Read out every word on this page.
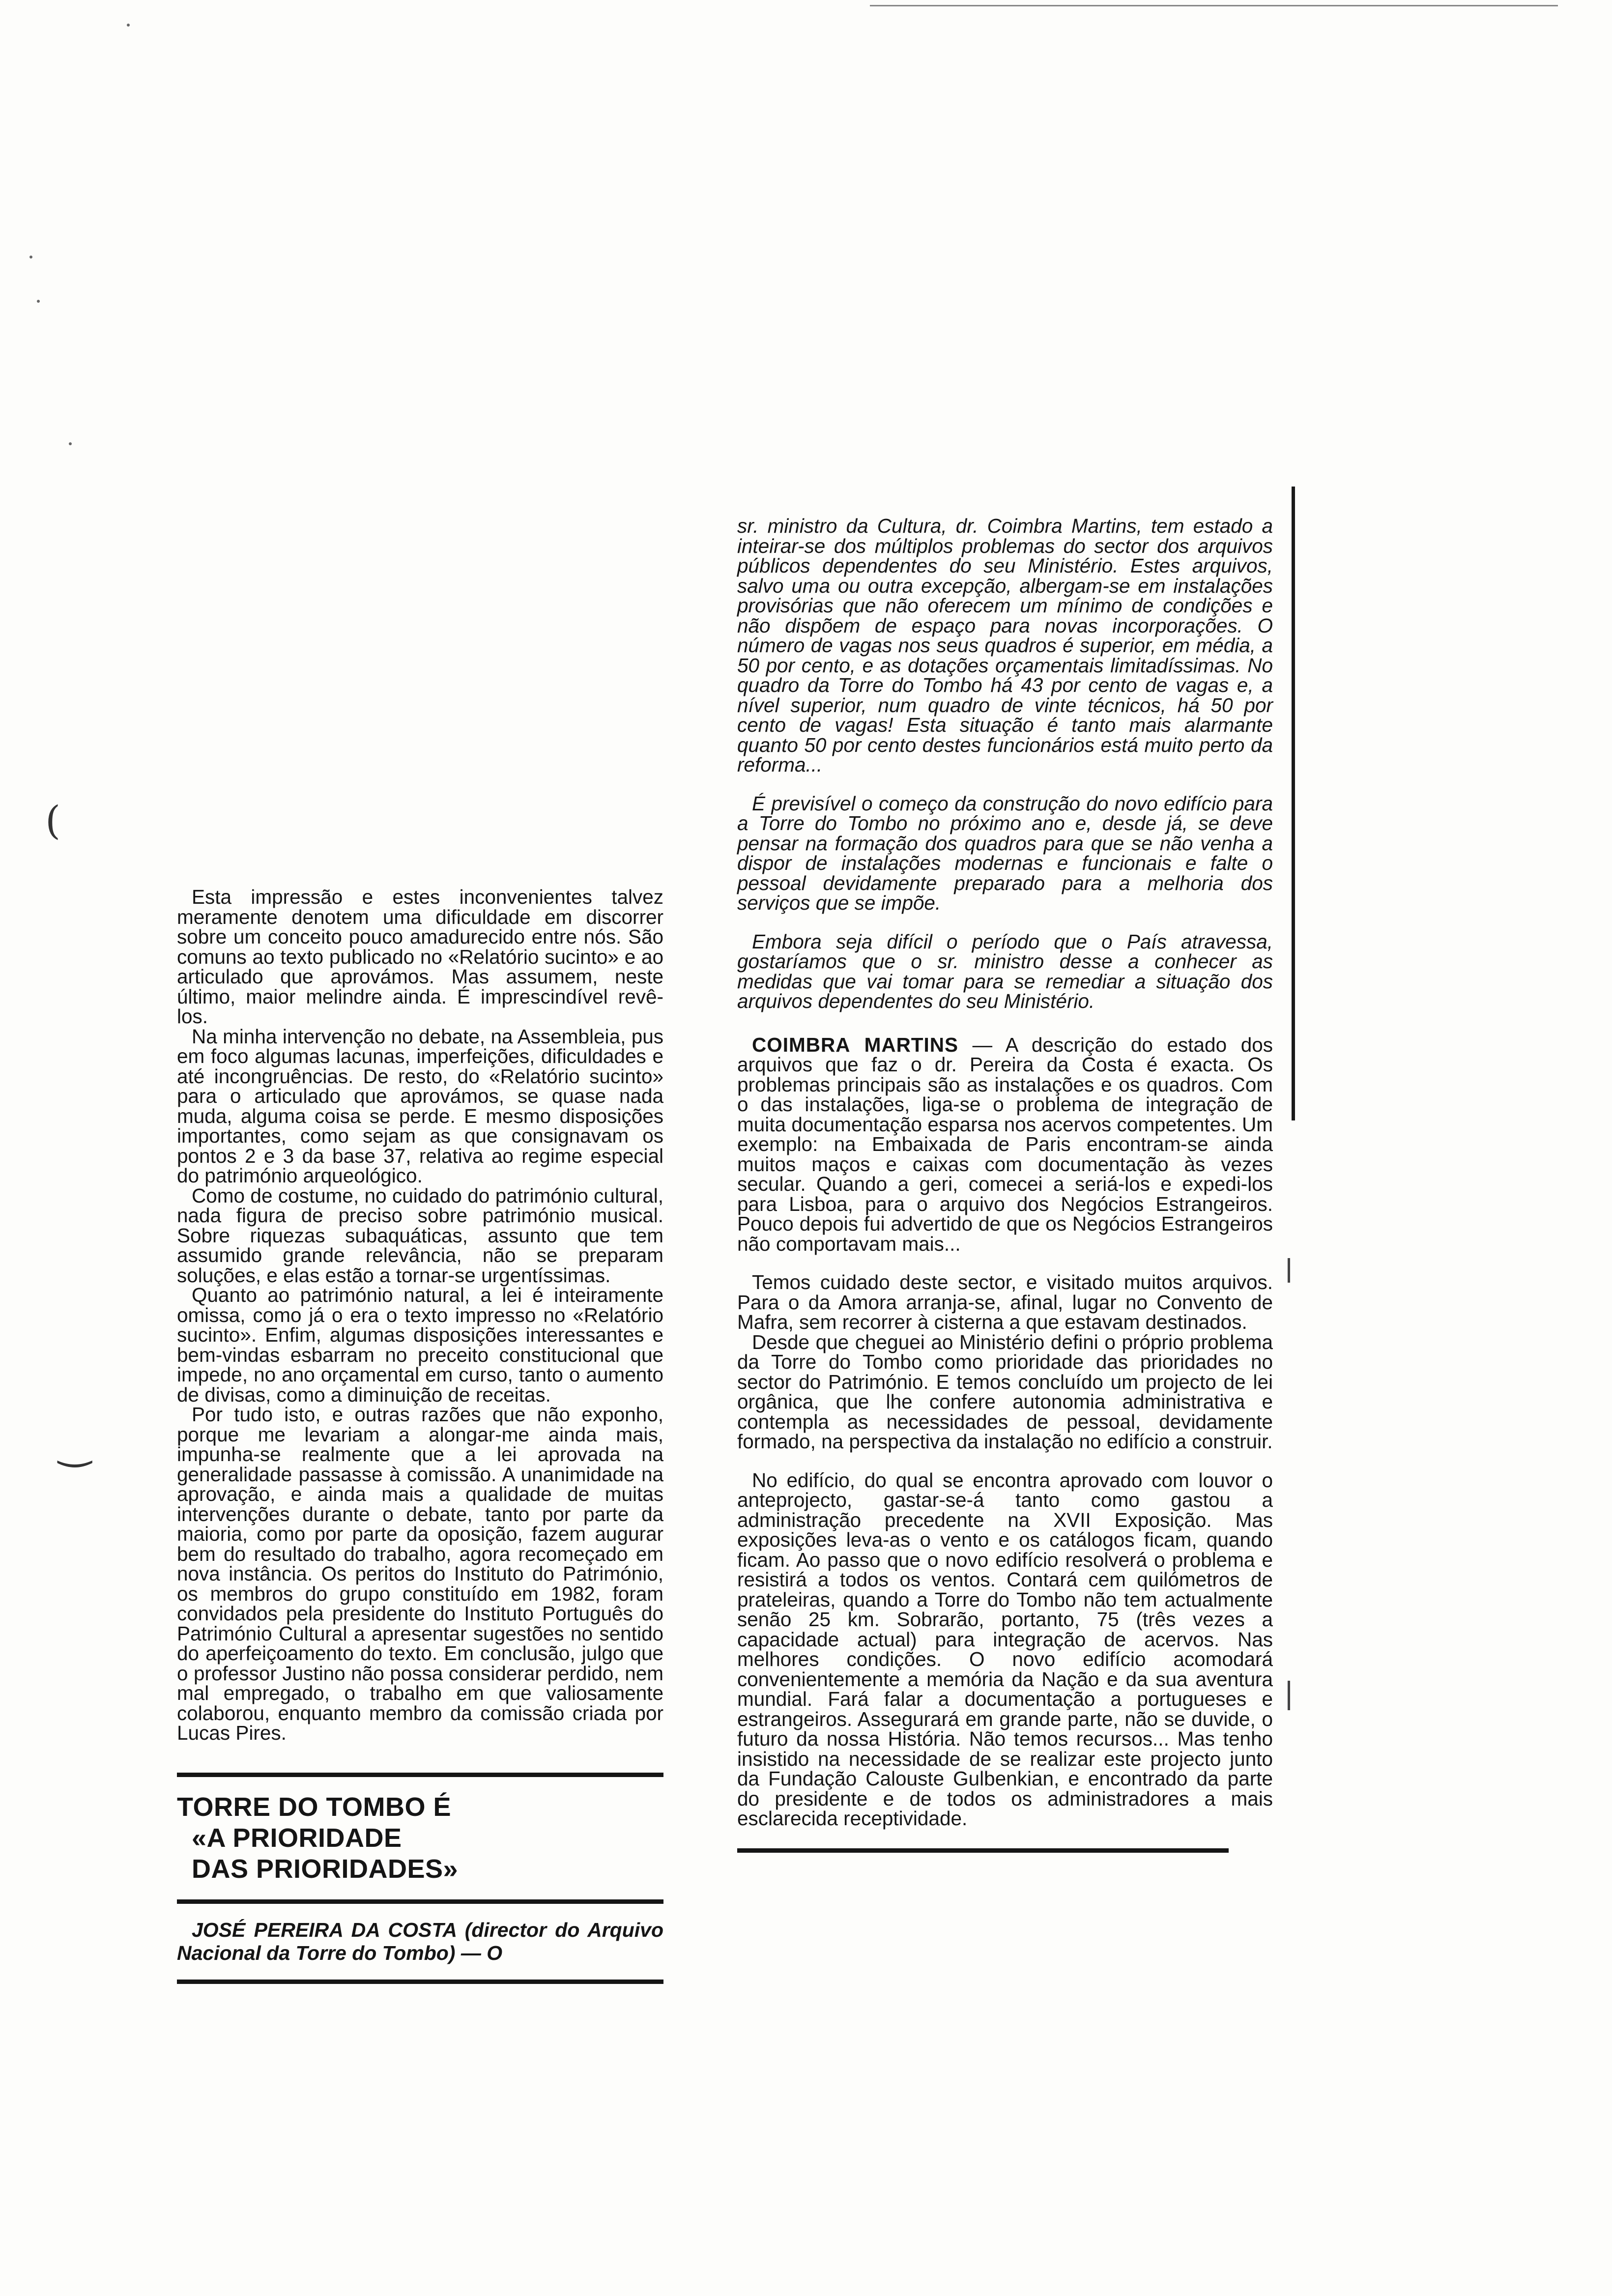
(
‿

Esta impressão e estes inconvenientes talvez meramente denotem uma dificuldade em discorrer sobre um conceito pouco amadurecido entre nós. São comuns ao texto publicado no «Relatório sucinto» e ao articulado que aprovámos. Mas assumem, neste último, maior melindre ainda. É imprescindível revê-los.

Na minha intervenção no debate, na Assembleia, pus em foco algumas lacunas, imperfeições, dificuldades e até incongruências. De resto, do «Relatório sucinto» para o articulado que aprovámos, se quase nada muda, alguma coisa se perde. E mesmo disposições importantes, como sejam as que consignavam os pontos 2 e 3 da base 37, relativa ao regime especial do património arqueológico.

Como de costume, no cuidado do património cultural, nada figura de preciso sobre património musical. Sobre riquezas subaquáticas, assunto que tem assumido grande relevância, não se preparam soluções, e elas estão a tornar-se urgentíssimas.

Quanto ao património natural, a lei é inteiramente omissa, como já o era o texto impresso no «Relatório sucinto». Enfim, algumas disposições interessantes e bem-vindas esbarram no preceito constitucional que impede, no ano orçamental em curso, tanto o aumento de divisas, como a diminuição de receitas.

Por tudo isto, e outras razões que não exponho, porque me levariam a alongar-me ainda mais, impunha-se realmente que a lei aprovada na generalidade passasse à comissão. A unanimidade na aprovação, e ainda mais a qualidade de muitas intervenções durante o debate, tanto por parte da maioria, como por parte da oposição, fazem augurar bem do resultado do trabalho, agora recomeçado em nova instância. Os peritos do Instituto do Património, os membros do grupo constituído em 1982, foram convidados pela presidente do Instituto Português do Património Cultural a apresentar sugestões no sentido do aperfeiçoamento do texto. Em conclusão, julgo que o professor Justino não possa considerar perdido, nem mal empregado, o trabalho em que valiosamente colaborou, enquanto membro da comissão criada por Lucas Pires.

TORRE DO TOMBO É
«A PRIORIDADE
DAS PRIORIDADES»

JOSÉ PEREIRA DA COSTA (director do Arquivo Nacional da Torre do Tombo) — O

sr. ministro da Cultura, dr. Coimbra Martins, tem estado a inteirar-se dos múltiplos problemas do sector dos arquivos públicos dependentes do seu Ministério. Estes arquivos, salvo uma ou outra excepção, albergam-se em instalações provisórias que não oferecem um mínimo de condições e não dispõem de espaço para novas incorporações. O número de vagas nos seus quadros é superior, em média, a 50 por cento, e as dotações orçamentais limitadíssimas. No quadro da Torre do Tombo há 43 por cento de vagas e, a nível superior, num quadro de vinte técnicos, há 50 por cento de vagas! Esta situação é tanto mais alarmante quanto 50 por cento destes funcionários está muito perto da reforma...

É previsível o começo da construção do novo edifício para a Torre do Tombo no próximo ano e, desde já, se deve pensar na formação dos quadros para que se não venha a dispor de instalações modernas e funcionais e falte o pessoal devidamente preparado para a melhoria dos serviços que se impõe.

Embora seja difícil o período que o País atravessa, gostaríamos que o sr. ministro desse a conhecer as medidas que vai tomar para se remediar a situação dos arquivos dependentes do seu Ministério.

COIMBRA MARTINS — A descrição do estado dos arquivos que faz o dr. Pereira da Costa é exacta. Os problemas principais são as instalações e os quadros. Com o das instalações, liga-se o problema de integração de muita documentação esparsa nos acervos competentes. Um exemplo: na Embaixada de Paris encontram-se ainda muitos maços e caixas com documentação às vezes secular. Quando a geri, comecei a seriá-los e expedi-los para Lisboa, para o arquivo dos Negócios Estrangeiros. Pouco depois fui advertido de que os Negócios Estrangeiros não comportavam mais...

Temos cuidado deste sector, e visitado muitos arquivos. Para o da Amora arranja-se, afinal, lugar no Convento de Mafra, sem recorrer à cisterna a que estavam destinados.

Desde que cheguei ao Ministério defini o próprio problema da Torre do Tombo como prioridade das prioridades no sector do Património. E temos concluído um projecto de lei orgânica, que lhe confere autonomia administrativa e contempla as necessidades de pessoal, devidamente formado, na perspectiva da instalação no edifício a construir.

No edifício, do qual se encontra aprovado com louvor o anteprojecto, gastar-se-á tanto como gastou a administração precedente na XVII Exposição. Mas exposições leva-as o vento e os catálogos ficam, quando ficam. Ao passo que o novo edifício resolverá o problema e resistirá a todos os ventos. Contará cem quilómetros de prateleiras, quando a Torre do Tombo não tem actualmente senão 25 km. Sobrarão, portanto, 75 (três vezes a capacidade actual) para integração de acervos. Nas melhores condições. O novo edifício acomodará convenientemente a memória da Nação e da sua aventura mundial. Fará falar a documentação a portugueses e estrangeiros. Assegurará em grande parte, não se duvide, o futuro da nossa História. Não temos recursos... Mas tenho insistido na necessidade de se realizar este projecto junto da Fundação Calouste Gulbenkian, e encontrado da parte do presidente e de todos os administradores a mais esclarecida receptividade.
